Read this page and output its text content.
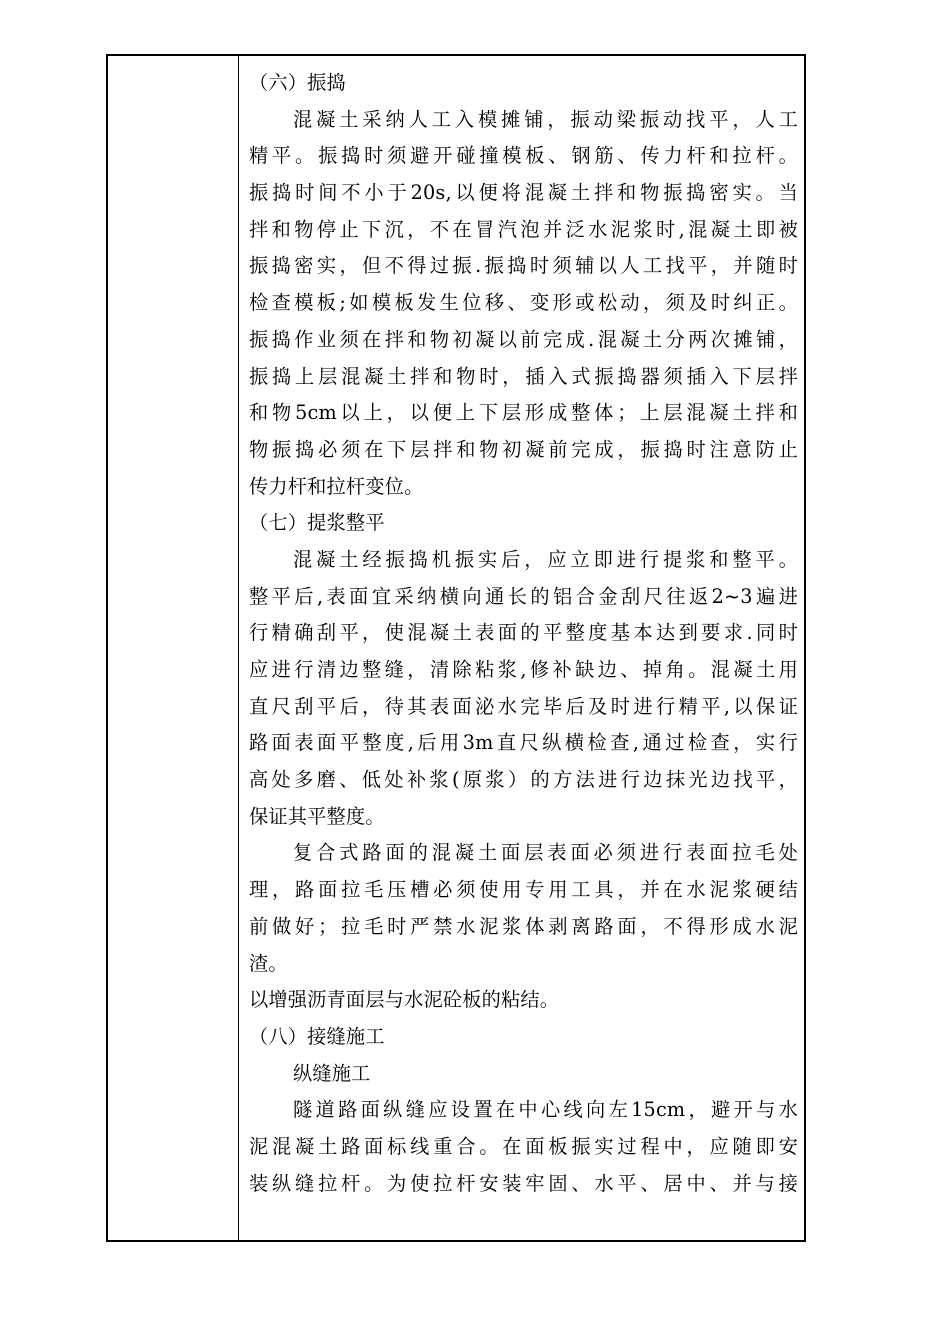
（六）振捣
混凝土采纳人工入模摊铺，振动梁振动找平，人工
精平。振捣时须避开碰撞模板、钢筋、传力杆和拉杆。
振捣时间不小于20s,以便将混凝土拌和物振捣密实。当
拌和物停止下沉，不在冒汽泡并泛水泥浆时,混凝土即被
振捣密实，但不得过振.振捣时须辅以人工找平，并随时
检查模板;如模板发生位移、变形或松动，须及时纠正。
振捣作业须在拌和物初凝以前完成.混凝土分两次摊铺，
振捣上层混凝土拌和物时，插入式振捣器须插入下层拌
和物5cm以上，以便上下层形成整体；上层混凝土拌和
物振捣必须在下层拌和物初凝前完成，振捣时注意防止
传力杆和拉杆变位。
（七）提浆整平
混凝土经振捣机振实后，应立即进行提浆和整平。
整平后,表面宜采纳横向通长的铝合金刮尺往返2~3遍进
行精确刮平，使混凝土表面的平整度基本达到要求.同时
应进行清边整缝，清除粘浆,修补缺边、掉角。混凝土用
直尺刮平后，待其表面泌水完毕后及时进行精平,以保证
路面表面平整度,后用3m直尺纵横检查,通过检查，实行
高处多磨、低处补浆(原浆）的方法进行边抹光边找平，
保证其平整度。
复合式路面的混凝土面层表面必须进行表面拉毛处
理，路面拉毛压槽必须使用专用工具，并在水泥浆硬结
前做好；拉毛时严禁水泥浆体剥离路面，不得形成水泥
渣。
以增强沥青面层与水泥砼板的粘结。
（八）接缝施工
纵缝施工
隧道路面纵缝应设置在中心线向左15cm，避开与水
泥混凝土路面标线重合。在面板振实过程中，应随即安
装纵缝拉杆。为使拉杆安装牢固、水平、居中、并与接
